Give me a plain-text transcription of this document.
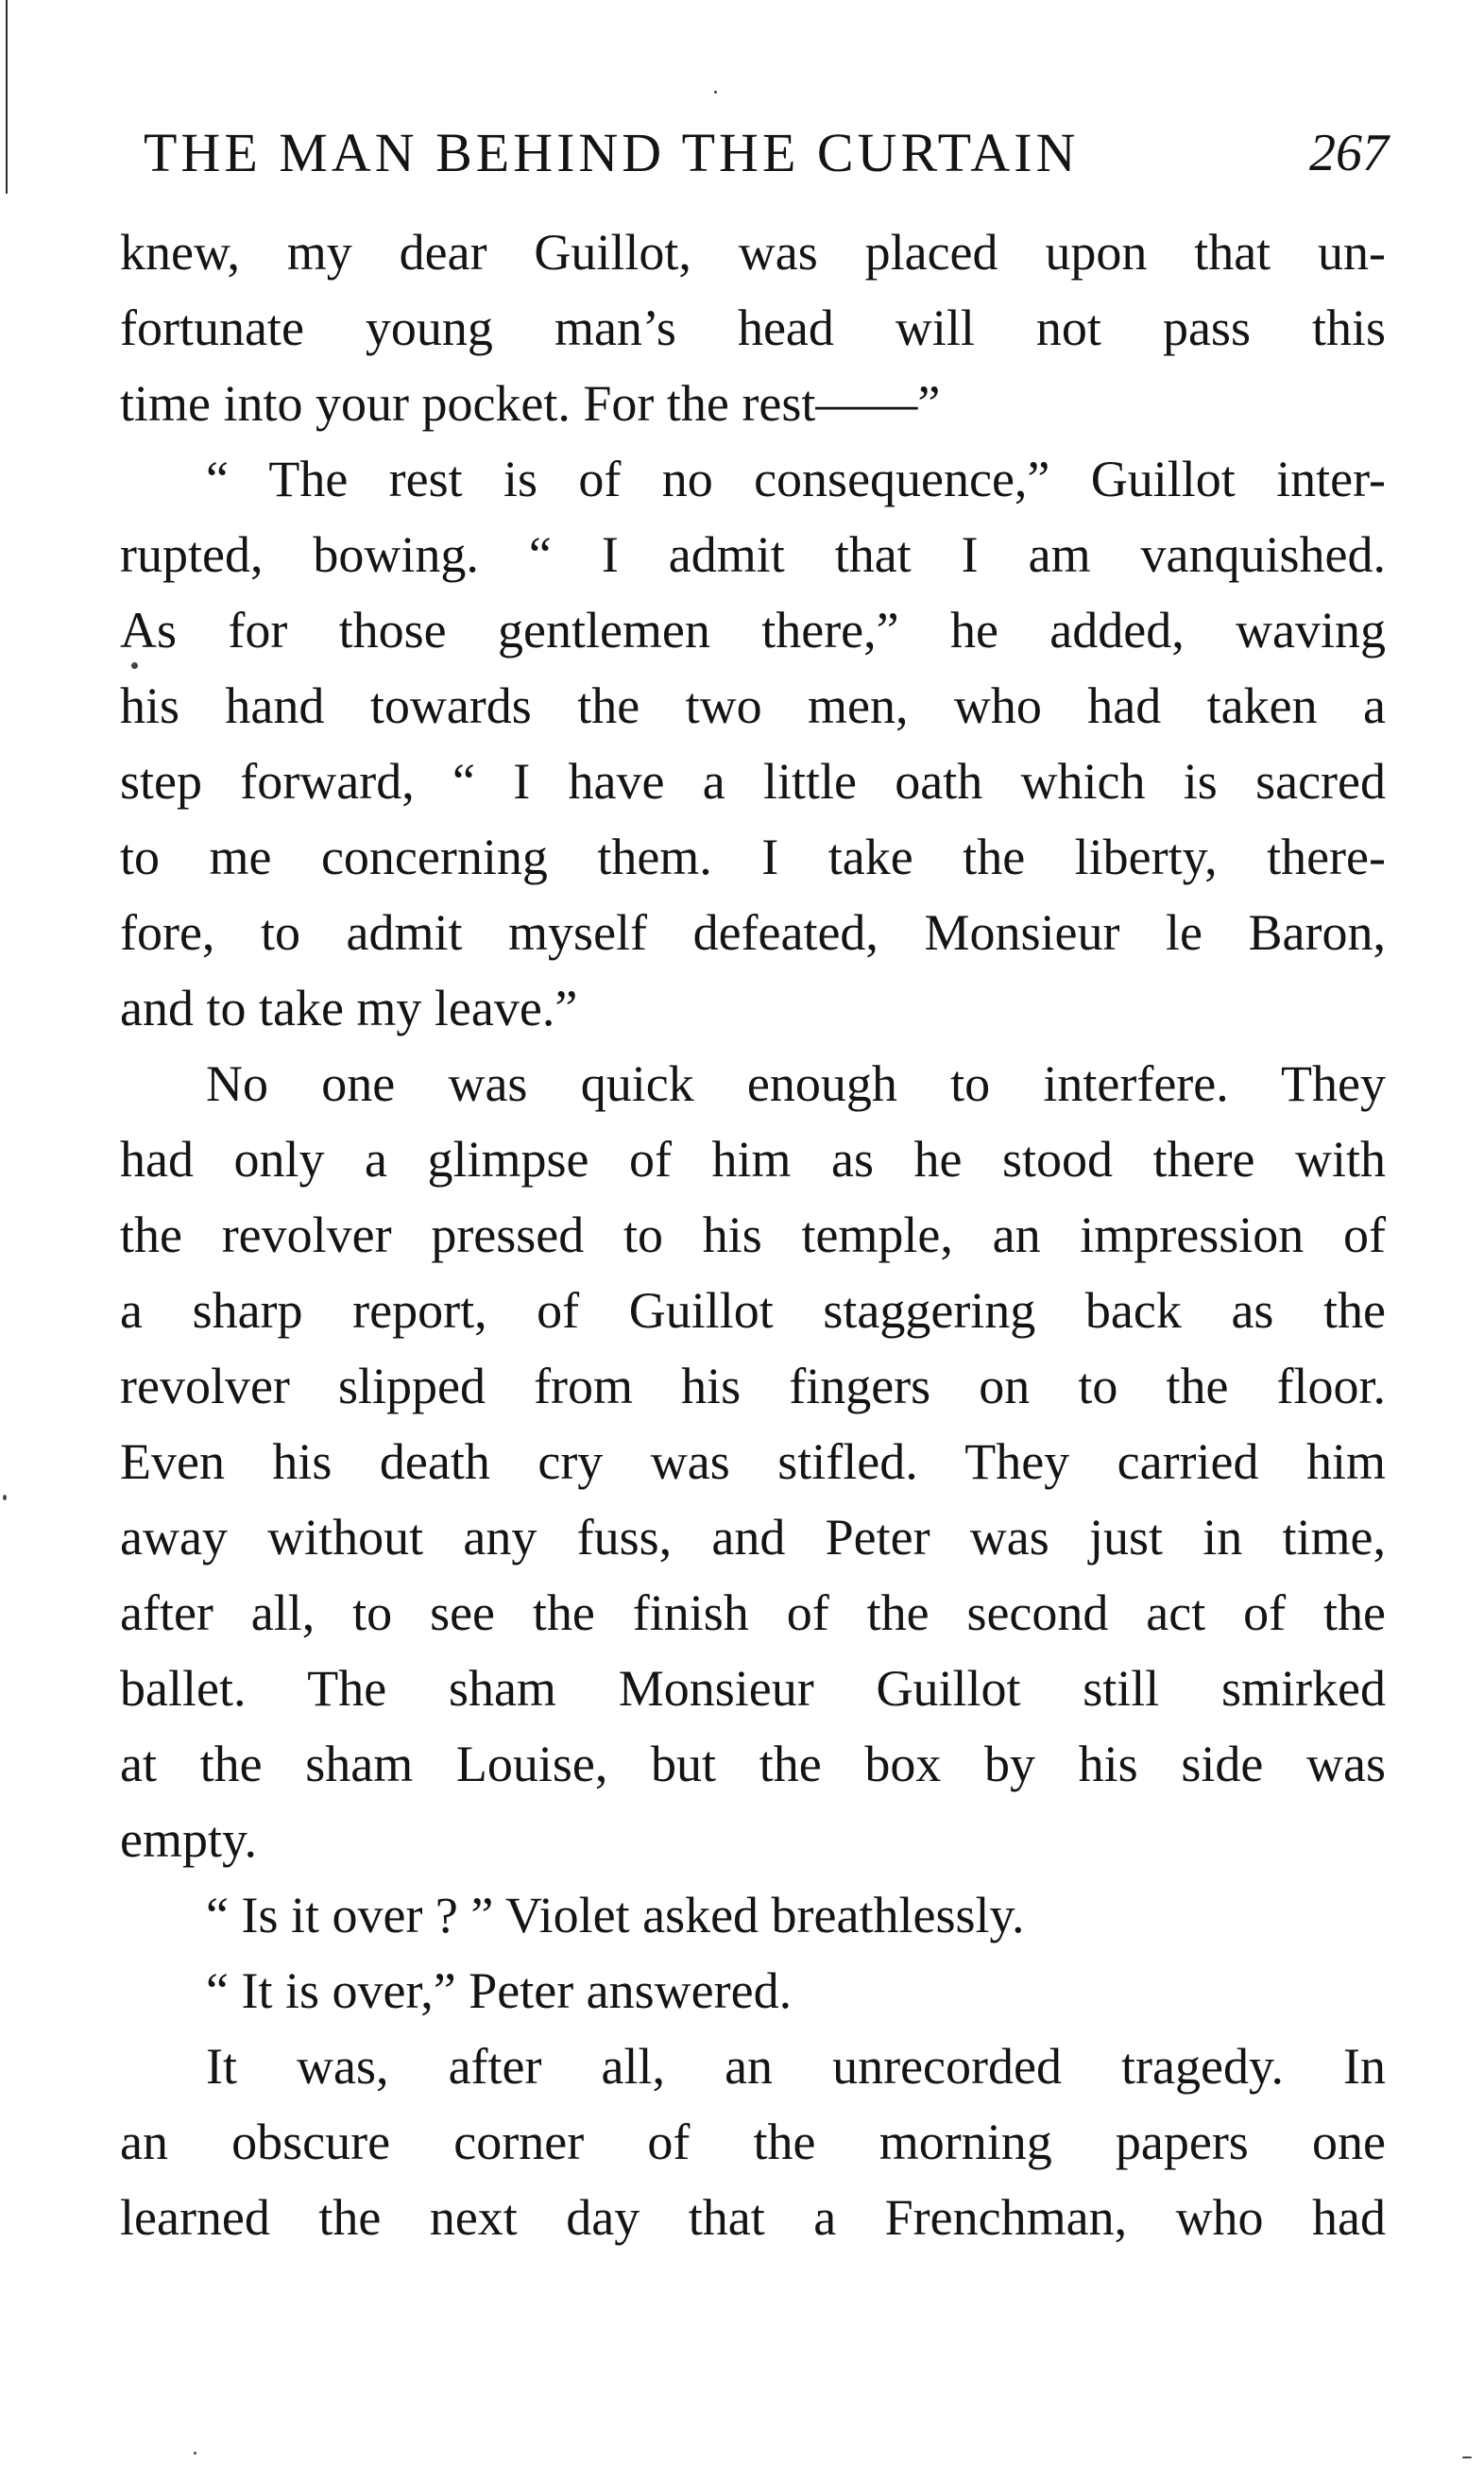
THE MAN BEHIND THE CURTAIN	267
knew, my dear Guillot, was placed upon that un-
fortunate young man’s head will not pass this
time into your pocket. For the rest——”
“ The rest is of no consequence,” Guillot inter-
rupted, bowing. “ I admit that I am vanquished.
As for those gentlemen there,” he added, waving
his hand towards the two men, who had taken a
step forward, “ I have a little oath which is sacred
to me concerning them. I take the liberty, there-
fore, to admit myself defeated, Monsieur le Baron,
and to take my leave.”
No one was quick enough to interfere. They
had only a glimpse of him as he stood there with
the revolver pressed to his temple, an impression of
a sharp report, of Guillot staggering back as the
revolver slipped from his fingers on to the floor.
Even his death cry was stifled. They carried him
away without any fuss, and Peter was just in time,
after all, to see the finish of the second act of the
ballet. The sham Monsieur Guillot still smirked
at the sham Louise, but the box by his side was
empty.
“ Is it over ? ” Violet asked breathlessly.
“ It is over,” Peter answered.
It was, after all, an unrecorded tragedy. In
an obscure corner of the morning papers one
learned the next day that a Frenchman, who had
